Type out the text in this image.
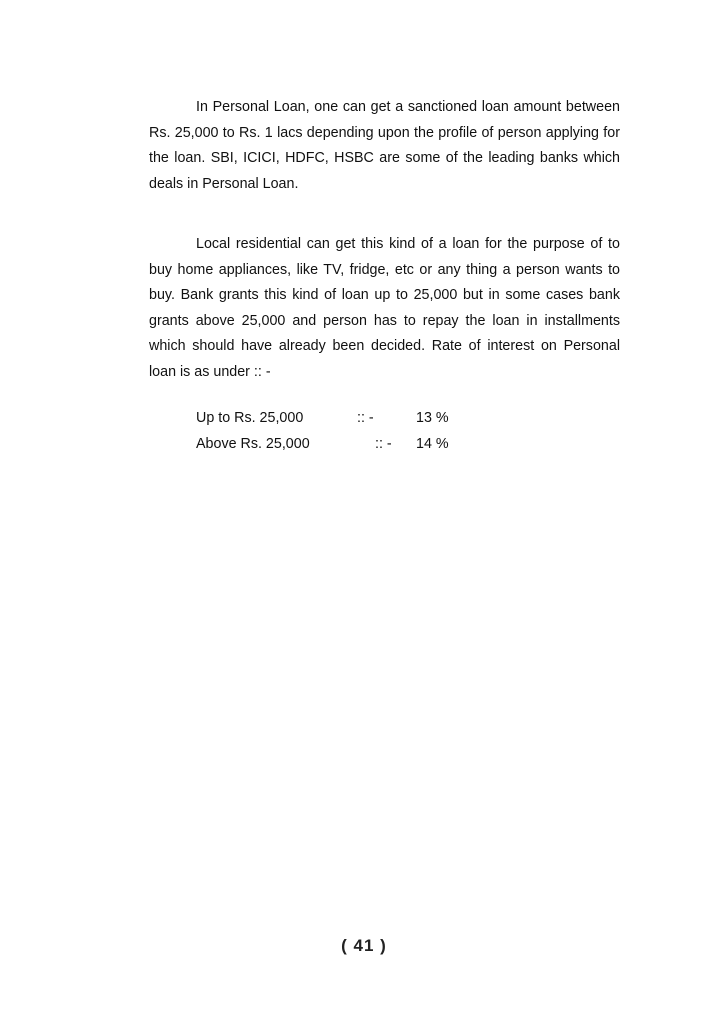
In Personal Loan, one can get a sanctioned loan amount between Rs. 25,000 to Rs. 1 lacs depending upon the profile of person applying for the loan. SBI, ICICI, HDFC, HSBC are some of the leading banks which deals in Personal Loan.

Local residential can get this kind of a loan for the purpose of to buy home appliances, like TV, fridge, etc or any thing a person wants to buy. Bank grants this kind of loan up to 25,000 but in some cases bank grants above 25,000 and person has to repay the loan in installments which should have already been decided. Rate of interest on Personal loan is as under :: -

Up to Rs. 25,000	:: -	13 %
Above Rs. 25,000	:: - 14 %
( 41 )
